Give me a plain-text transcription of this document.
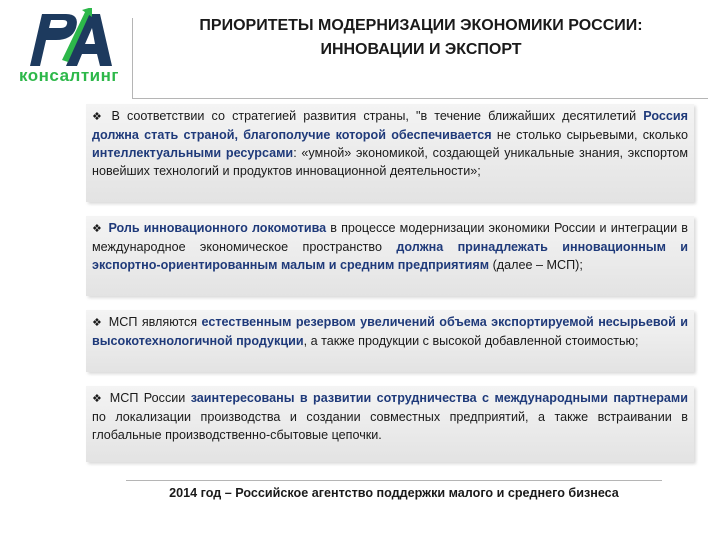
консалтинг
ПРИОРИТЕТЫ МОДЕРНИЗАЦИИ ЭКОНОМИКИ РОССИИ:
ИННОВАЦИИ И ЭКСПОРТ
❖ В соответствии со стратегией развития страны, "в течение ближайших десятилетий Россия должна стать страной, благополучие которой обеспечивается не столько сырьевыми, сколько интеллектуальными ресурсами: «умной» экономикой, создающей уникальные знания, экспортом новейших технологий и продуктов инновационной деятельности»;
❖ Роль инновационного локомотива в процессе модернизации экономики России и интеграции в международное экономическое пространство должна принадлежать инновационным и экспортно-ориентированным малым и средним предприятиям (далее – МСП);
❖ МСП являются естественным резервом увеличений объема экспортируемой несырьевой и высокотехнологичной продукции, а также продукции с высокой добавленной стоимостью;
❖ МСП России заинтересованы в развитии сотрудничества с международными партнерами по локализации производства и создании совместных предприятий, а также встраивании в глобальные производственно-сбытовые цепочки.
2014 год – Российское агентство поддержки малого и среднего бизнеса
